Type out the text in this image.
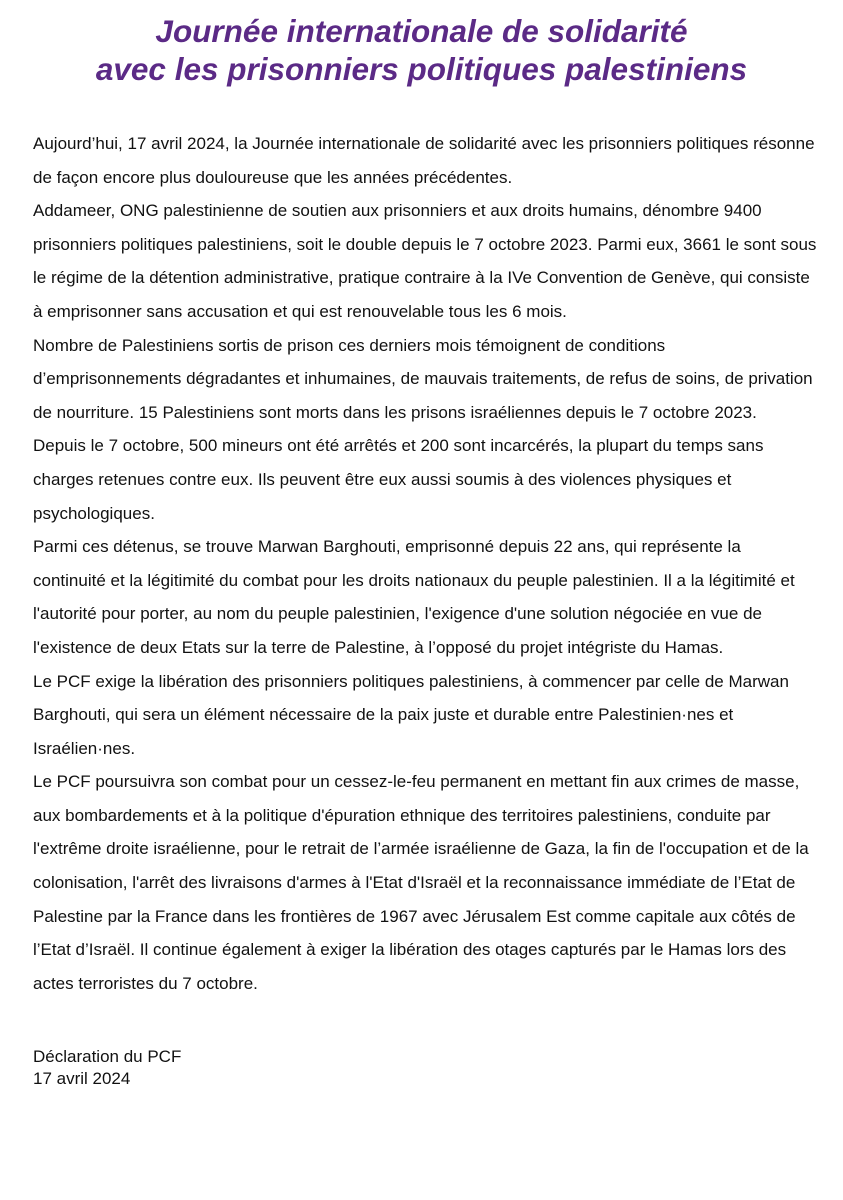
Journée internationale de solidarité
avec les prisonniers politiques palestiniens

Aujourd’hui, 17 avril 2024, la Journée internationale de solidarité avec les prisonniers politiques résonne de façon encore plus douloureuse que les années précédentes.

Addameer, ONG palestinienne de soutien aux prisonniers et aux droits humains, dénombre 9400 prisonniers politiques palestiniens, soit le double depuis le 7 octobre 2023. Parmi eux, 3661 le sont sous le régime de la détention administrative, pratique contraire à la IVe Convention de Genève, qui consiste à emprisonner sans accusation et qui est renouvelable tous les 6 mois.

Nombre de Palestiniens sortis de prison ces derniers mois témoignent de conditions d’emprisonnements dégradantes et inhumaines, de mauvais traitements, de refus de soins, de privation de nourriture. 15 Palestiniens sont morts dans les prisons israéliennes depuis le 7 octobre 2023.

Depuis le 7 octobre, 500 mineurs ont été arrêtés et 200 sont incarcérés, la plupart du temps sans charges retenues contre eux. Ils peuvent être eux aussi soumis à des violences physiques et psychologiques.

Parmi ces détenus, se trouve Marwan Barghouti, emprisonné depuis 22 ans, qui représente la continuité et la légitimité du combat pour les droits nationaux du peuple palestinien. Il a la légitimité et l'autorité pour porter, au nom du peuple palestinien, l'exigence d'une solution négociée en vue de l'existence de deux Etats sur la terre de Palestine, à l’opposé du projet intégriste du Hamas.

Le PCF exige la libération des prisonniers politiques palestiniens, à commencer par celle de Marwan Barghouti, qui sera un élément nécessaire de la paix juste et durable entre Palestinien·nes et Israélien·nes.

Le PCF poursuivra son combat pour un cessez-le-feu permanent en mettant fin aux crimes de masse, aux bombardements et à la politique d'épuration ethnique des territoires palestiniens, conduite par l'extrême droite israélienne, pour le retrait de l’armée israélienne de Gaza, la fin de l'occupation et de la colonisation, l'arrêt des livraisons d'armes à l'Etat d'Israël et la reconnaissance immédiate de l’Etat de Palestine par la France dans les frontières de 1967 avec Jérusalem Est comme capitale aux côtés de l’Etat d’Israël. Il continue également à exiger la libération des otages capturés par le Hamas lors des actes terroristes du 7 octobre.

Déclaration du PCF
17 avril 2024
